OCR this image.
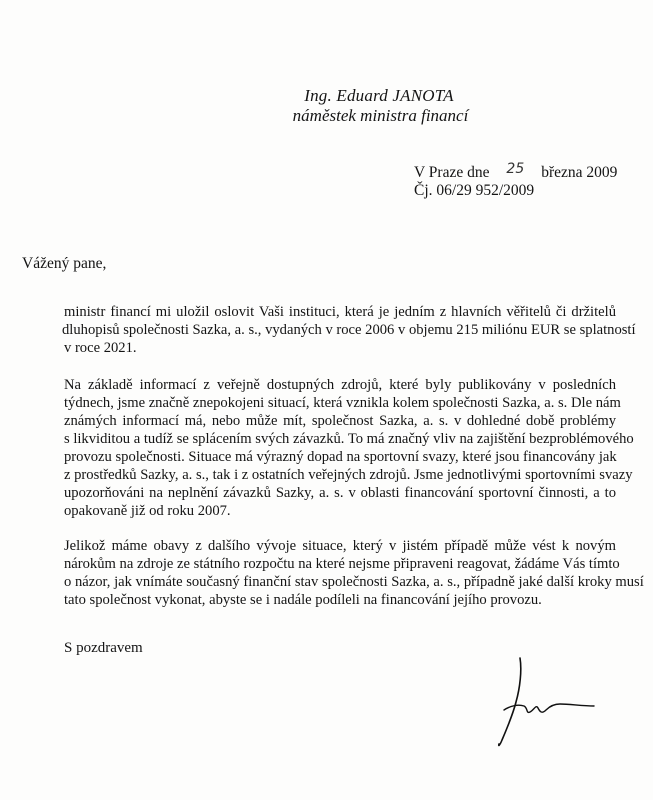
Ing. Eduard JANOTA
náměstek ministra financí
V Praze dne 25 března 2009
Čj. 06/29 952/2009
Vážený pane,
ministr financí mi uložil oslovit Vaši instituci, která je jedním z hlavních věřitelů či držitelů
dluhopisů společnosti Sazka, a. s., vydaných v roce 2006 v objemu 215 miliónu EUR se splatností
v roce 2021.
Na základě informací z veřejně dostupných zdrojů, které byly publikovány v posledních
týdnech, jsme značně znepokojeni situací, která vznikla kolem společnosti Sazka, a. s. Dle nám
známých informací má, nebo může mít, společnost Sazka, a. s. v dohledné době problémy
s likviditou a tudíž se splácením svých závazků. To má značný vliv na zajištění bezproblémového
provozu společnosti. Situace má výrazný dopad na sportovní svazy, které jsou financovány jak
z prostředků Sazky, a. s., tak i z ostatních veřejných zdrojů. Jsme jednotlivými sportovními svazy
upozorňováni na neplnění závazků Sazky, a. s. v oblasti financování sportovní činnosti, a to
opakovaně již od roku 2007.
Jelikož máme obavy z dalšího vývoje situace, který v jistém případě může vést k novým
nárokům na zdroje ze státního rozpočtu na které nejsme připraveni reagovat, žádáme Vás tímto
o názor, jak vnímáte současný finanční stav společnosti Sazka, a. s., případně jaké další kroky musí
tato společnost vykonat, abyste se i nadále podíleli na financování jejího provozu.
S pozdravem
